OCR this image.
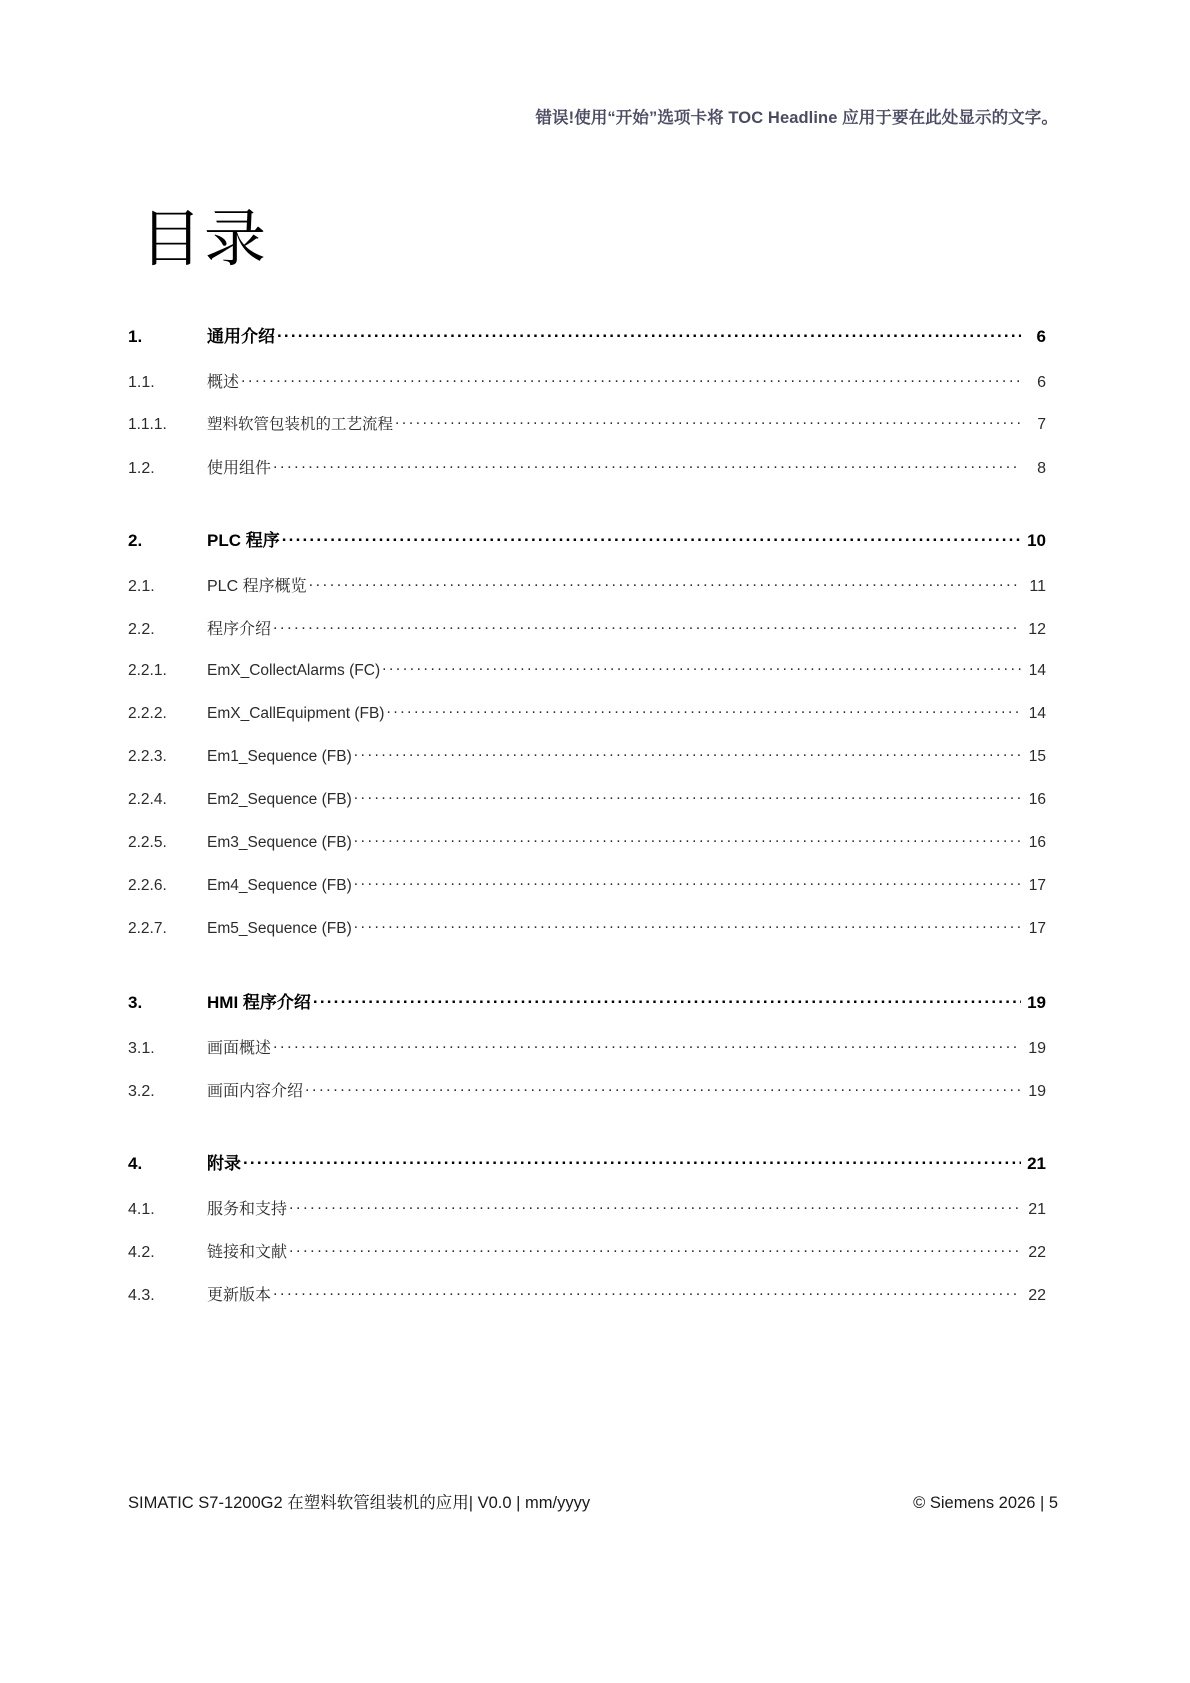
错误!使用“开始”选项卡将 TOC Headline 应用于要在此处显示的文字。
目录
1.	通用介绍 .....	6
1.1.	概述 .....	6
1.1.1.	塑料软管包装机的工艺流程 .....	7
1.2.	使用组件 .....	8
2.	PLC 程序 .....	10
2.1.	PLC 程序概览 .....	11
2.2.	程序介绍 .....	12
2.2.1.	EmX_CollectAlarms (FC) .....	14
2.2.2.	EmX_CallEquipment (FB) .....	14
2.2.3.	Em1_Sequence (FB) .....	15
2.2.4.	Em2_Sequence (FB) .....	16
2.2.5.	Em3_Sequence (FB) .....	16
2.2.6.	Em4_Sequence (FB) .....	17
2.2.7.	Em5_Sequence (FB) .....	17
3.	HMI 程序介绍 .....	19
3.1.	画面概述 .....	19
3.2.	画面内容介绍 .....	19
4.	附录 .....	21
4.1.	服务和支持 .....	21
4.2.	链接和文献 .....	22
4.3.	更新版本 .....	22
SIMATIC S7-1200G2 在塑料软管组装机的应用| V0.0 | mm/yyyy	© Siemens 2026 | 5
